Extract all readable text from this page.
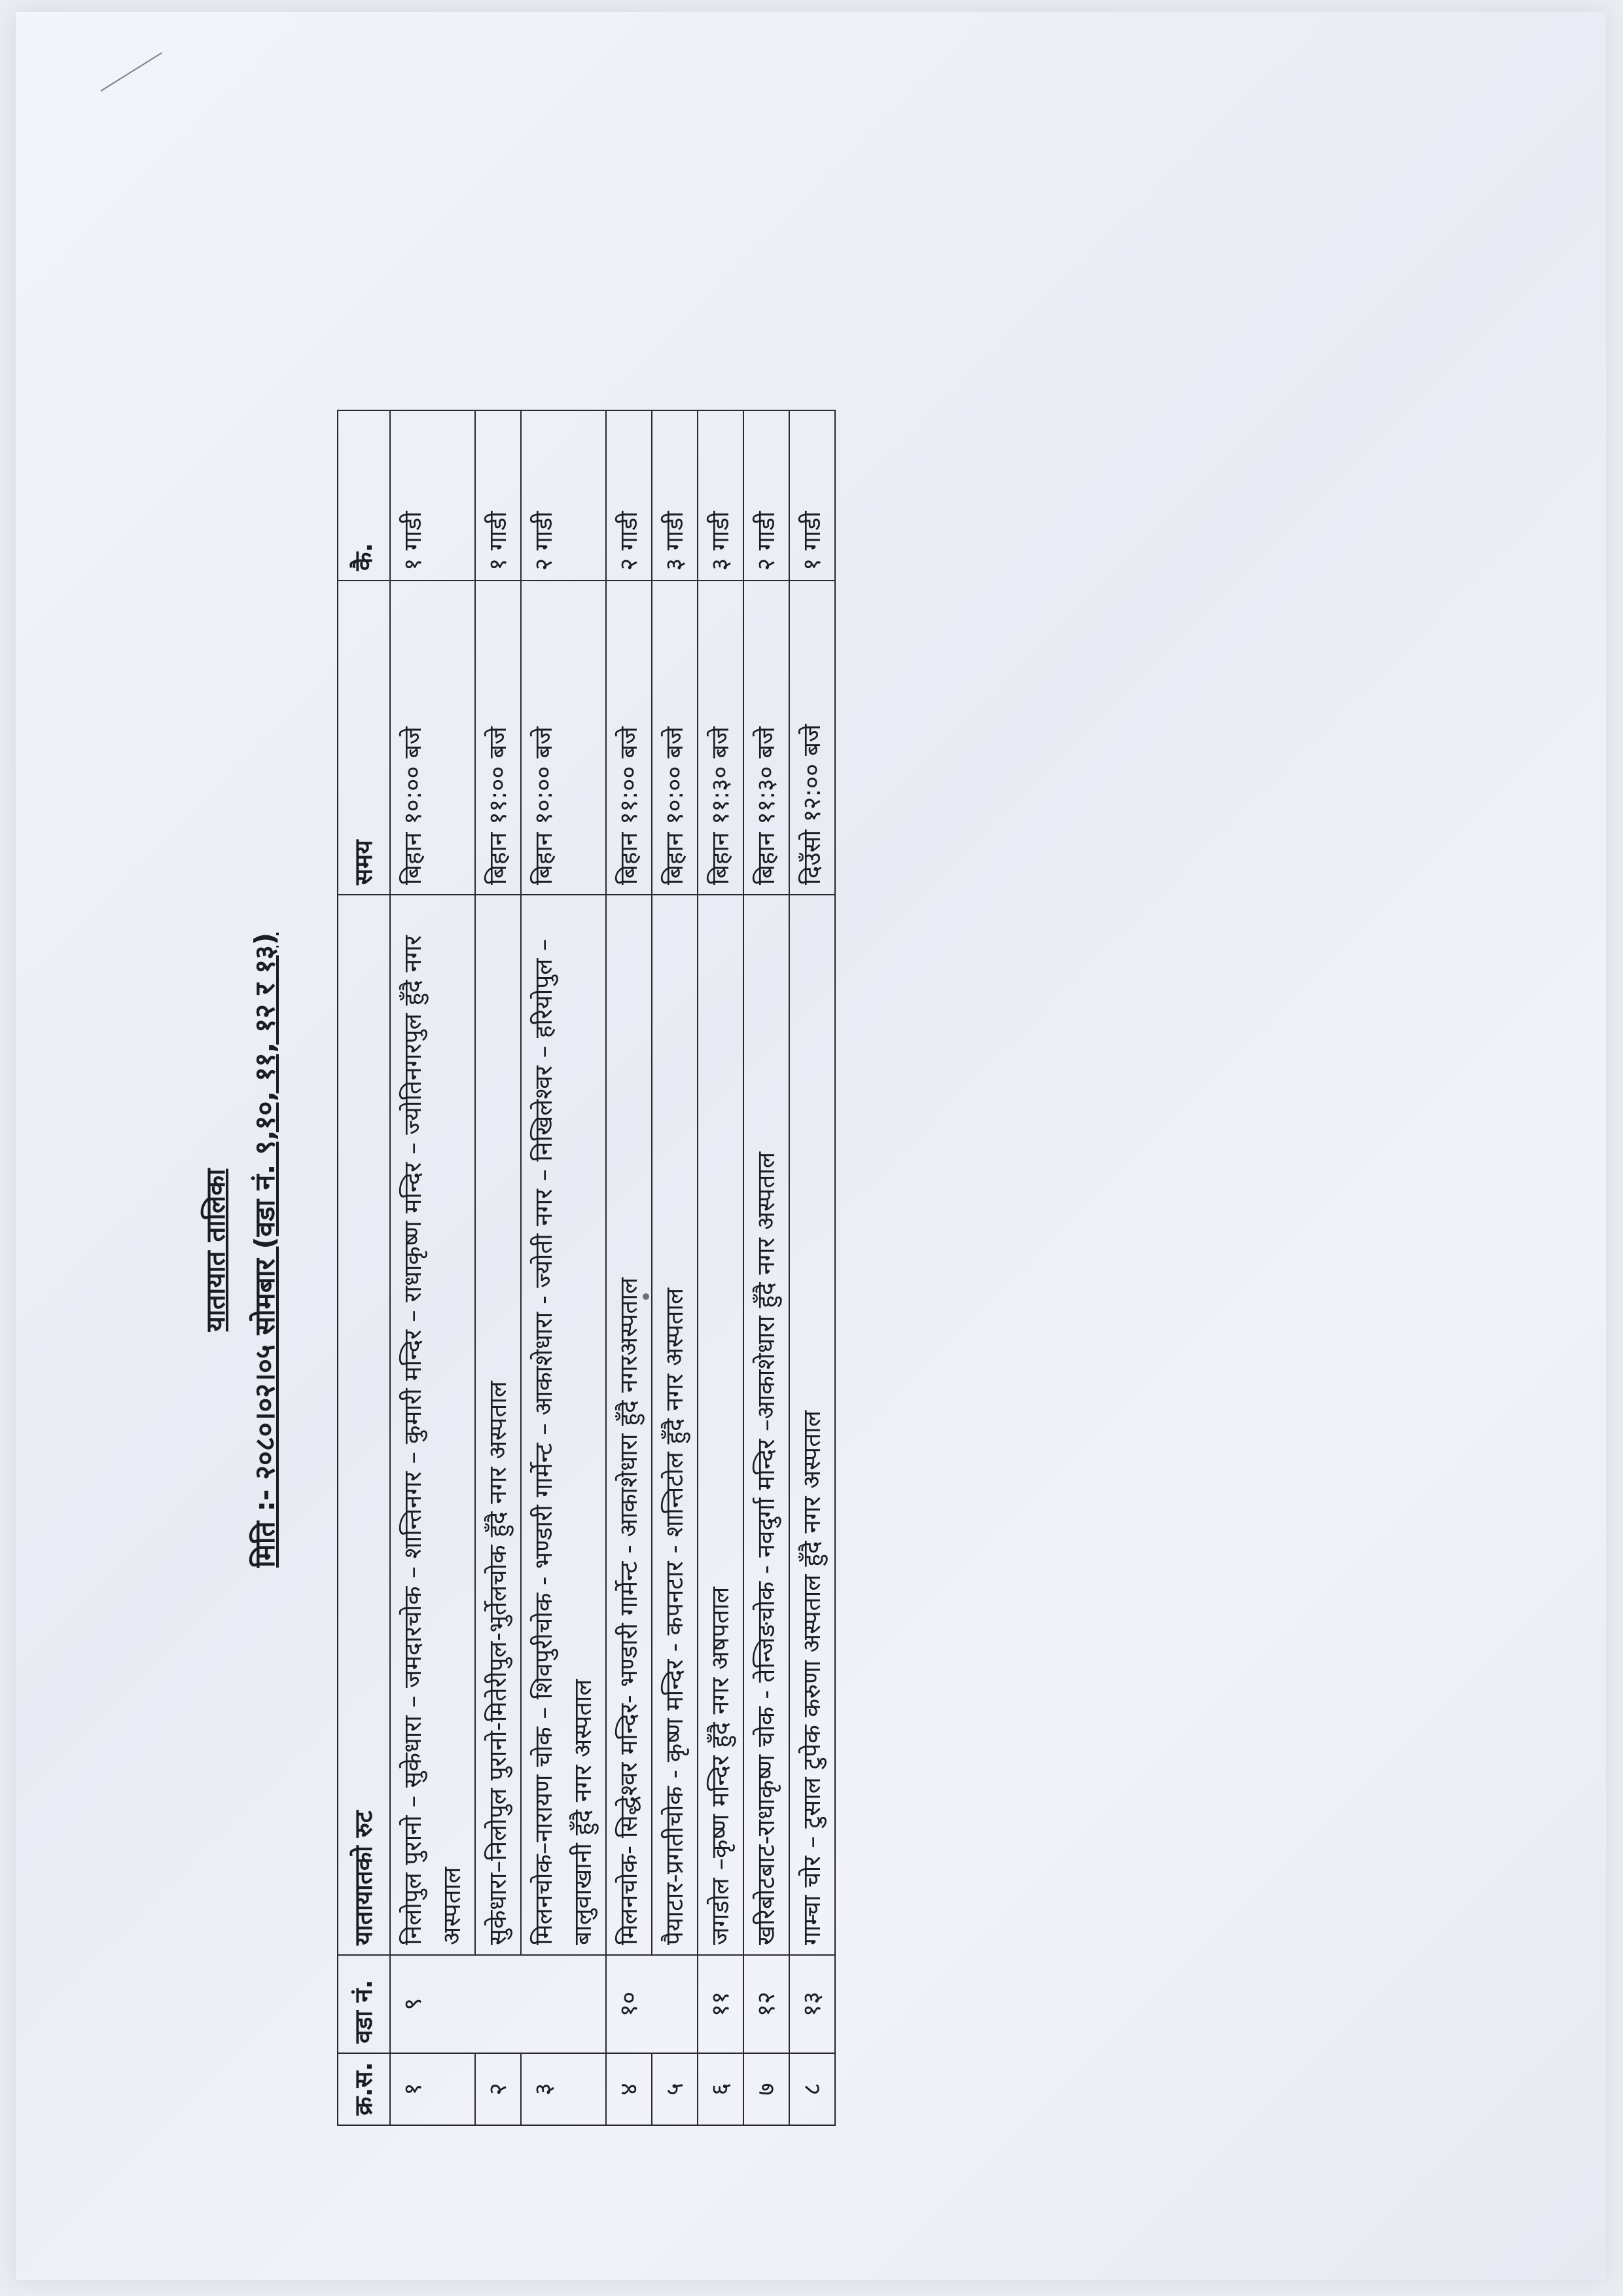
यातायात तालिका मिति :- २०८०।०२।०५ सोमबार (वडा नं. ९,१०, ११, १२ र १३)
क्र.स.	वडा नं.	यातायातको रुट	समय	कै.
१	९	निलोपुल पुरानो – सुकेधारा – जमदारचोक – शान्तिनगर – कुमारी मन्दिर – राधाकृष्ण मन्दिर – ज्योतिनगरपुल हुँदै नगर अस्पताल	बिहान १०:०० बजे	१ गाडी
२		सुकेधारा–निलोपुल पुरानो-मितेरीपुल-भुर्तेलचोक हुँदै नगर अस्पताल	बिहान ११:०० बजे	१ गाडी
३		मिलनचोक–नारायण चोक – शिवपुरीचोक - भण्डारी गार्मेन्ट – आकाशेधारा - ज्योती नगर – निखिलेश्वर – हरियोपुल – बालुवाखानी हुँदै नगर अस्पताल	बिहान १०:०० बजे	२ गाडी
४	१०	मिलनचोक- सिद्धेश्वर मन्दिर- भण्डारी गार्मेन्ट - आकाशेधारा हुँदै नगरअस्पताल	बिहान ११:०० बजे	२ गाडी
५		पैयाटार-प्रगतीचोक - कृष्ण मन्दिर - कपनटार - शान्तिटोल हुँदै नगर अस्पताल	बिहान १०:०० बजे	३ गाडी
६	११	जगडोल –कृष्ण मन्दिर हुँदै नगर अषपताल	बिहान ११:३० बजे	३ गाडी
७	१२	खरिबोटबाट-राधाकृष्ण चोक - तेन्जिङचोक - नवदुर्गा मन्दिर –आकाशेधारा हुँदै नगर अस्पताल	बिहान ११:३० बजे	२ गाडी
८	१३	गाम्चा चोर – टुसाल टुपेक करुणा अस्पताल हुँदै नगर अस्पताल	दिउँसो १२:०० बजे	१ गाडी
